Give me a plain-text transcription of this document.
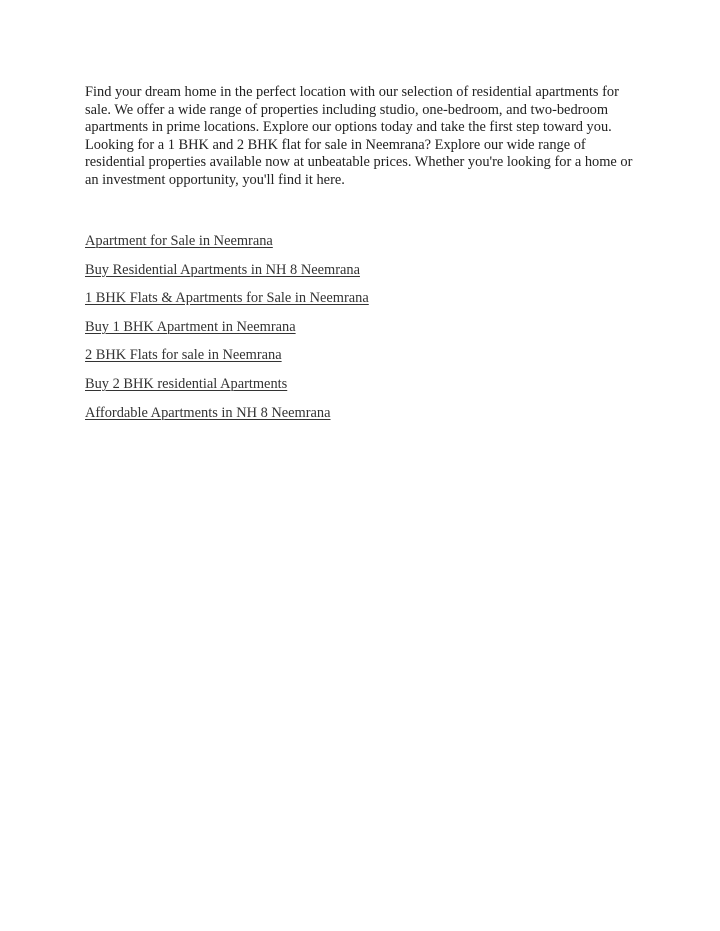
Find your dream home in the perfect location with our selection of residential apartments for sale. We offer a wide range of properties including studio, one-bedroom, and two-bedroom apartments in prime locations. Explore our options today and take the first step toward you. Looking for a 1 BHK and 2 BHK flat for sale in Neemrana? Explore our wide range of residential properties available now at unbeatable prices. Whether you're looking for a home or an investment opportunity, you'll find it here.

Apartment for Sale in Neemrana
Buy Residential Apartments in NH 8 Neemrana
1 BHK Flats & Apartments for Sale in Neemrana
Buy 1 BHK Apartment in Neemrana
2 BHK Flats for sale in Neemrana
Buy 2 BHK residential Apartments
Affordable Apartments in NH 8 Neemrana
